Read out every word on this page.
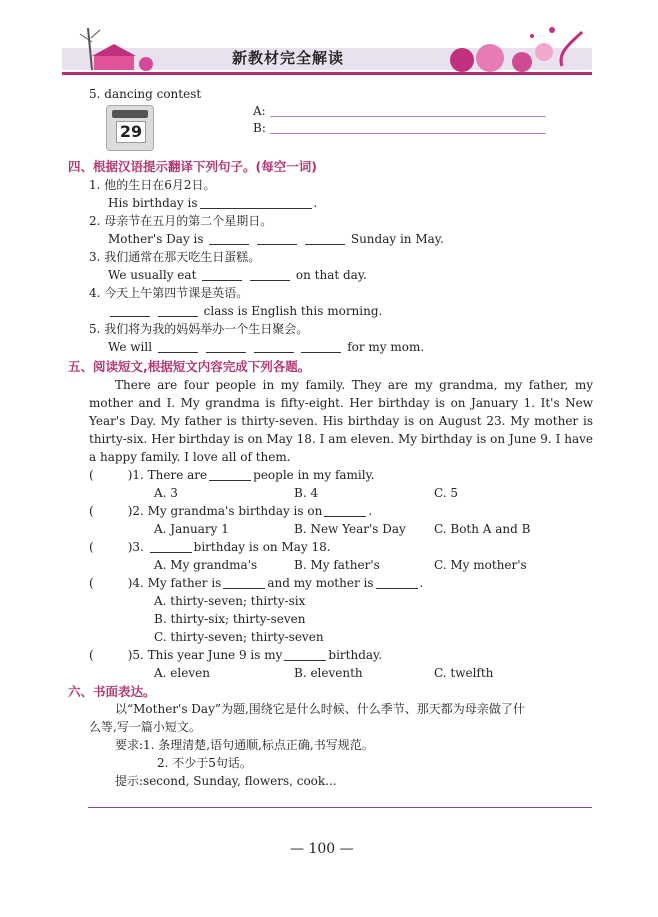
新教材完全解读
5. dancing contest
29
A:
B:
四、根据汉语提示翻译下列句子。(每空一词)
1. 他的生日在6月2日。
His birthday is	.
2. 母亲节在五月的第二个星期日。
Mother's Day is	Sunday in May.
3. 我们通常在那天吃生日蛋糕。
We usually eat	on that day.
4. 今天上午第四节课是英语。
class is English this morning.
5. 我们将为我的妈妈举办一个生日聚会。
We will	for my mom.
五、阅读短文,根据短文内容完成下列各题。
There are four people in my family. They are my grandma, my father, my mother and I. My grandma is fifty-eight. Her birthday is on January 1. It's New Year's Day. My father is thirty-seven. His birthday is on August 23. My mother is thirty-six. Her birthday is on May 18. I am eleven. My birthday is on June 9. I have a happy family. I love all of them.
(	)1. There are	people in my family.
A. 3	B. 4	C. 5
(	)2. My grandma's birthday is on	.
A. January 1	B. New Year's Day C. Both A and B
(	)3.	birthday is on May 18.
A. My grandma's	B. My father's	C. My mother's
(	)4. My father is	and my mother is	.
A. thirty-seven; thirty-six
B. thirty-six; thirty-seven
C. thirty-seven; thirty-seven
(	)5. This year June 9 is my	birthday.
A. eleven	B. eleventh	C. twelfth
六、书面表达。
以“Mother's Day”为题,围绕它是什么时候、什么季节、那天都为母亲做了什
么等,写一篇小短文。
要求:1. 条理清楚,语句通顺,标点正确,书写规范。
2. 不少于5句话。
提示:second, Sunday, flowers, cook...
— 100 —
